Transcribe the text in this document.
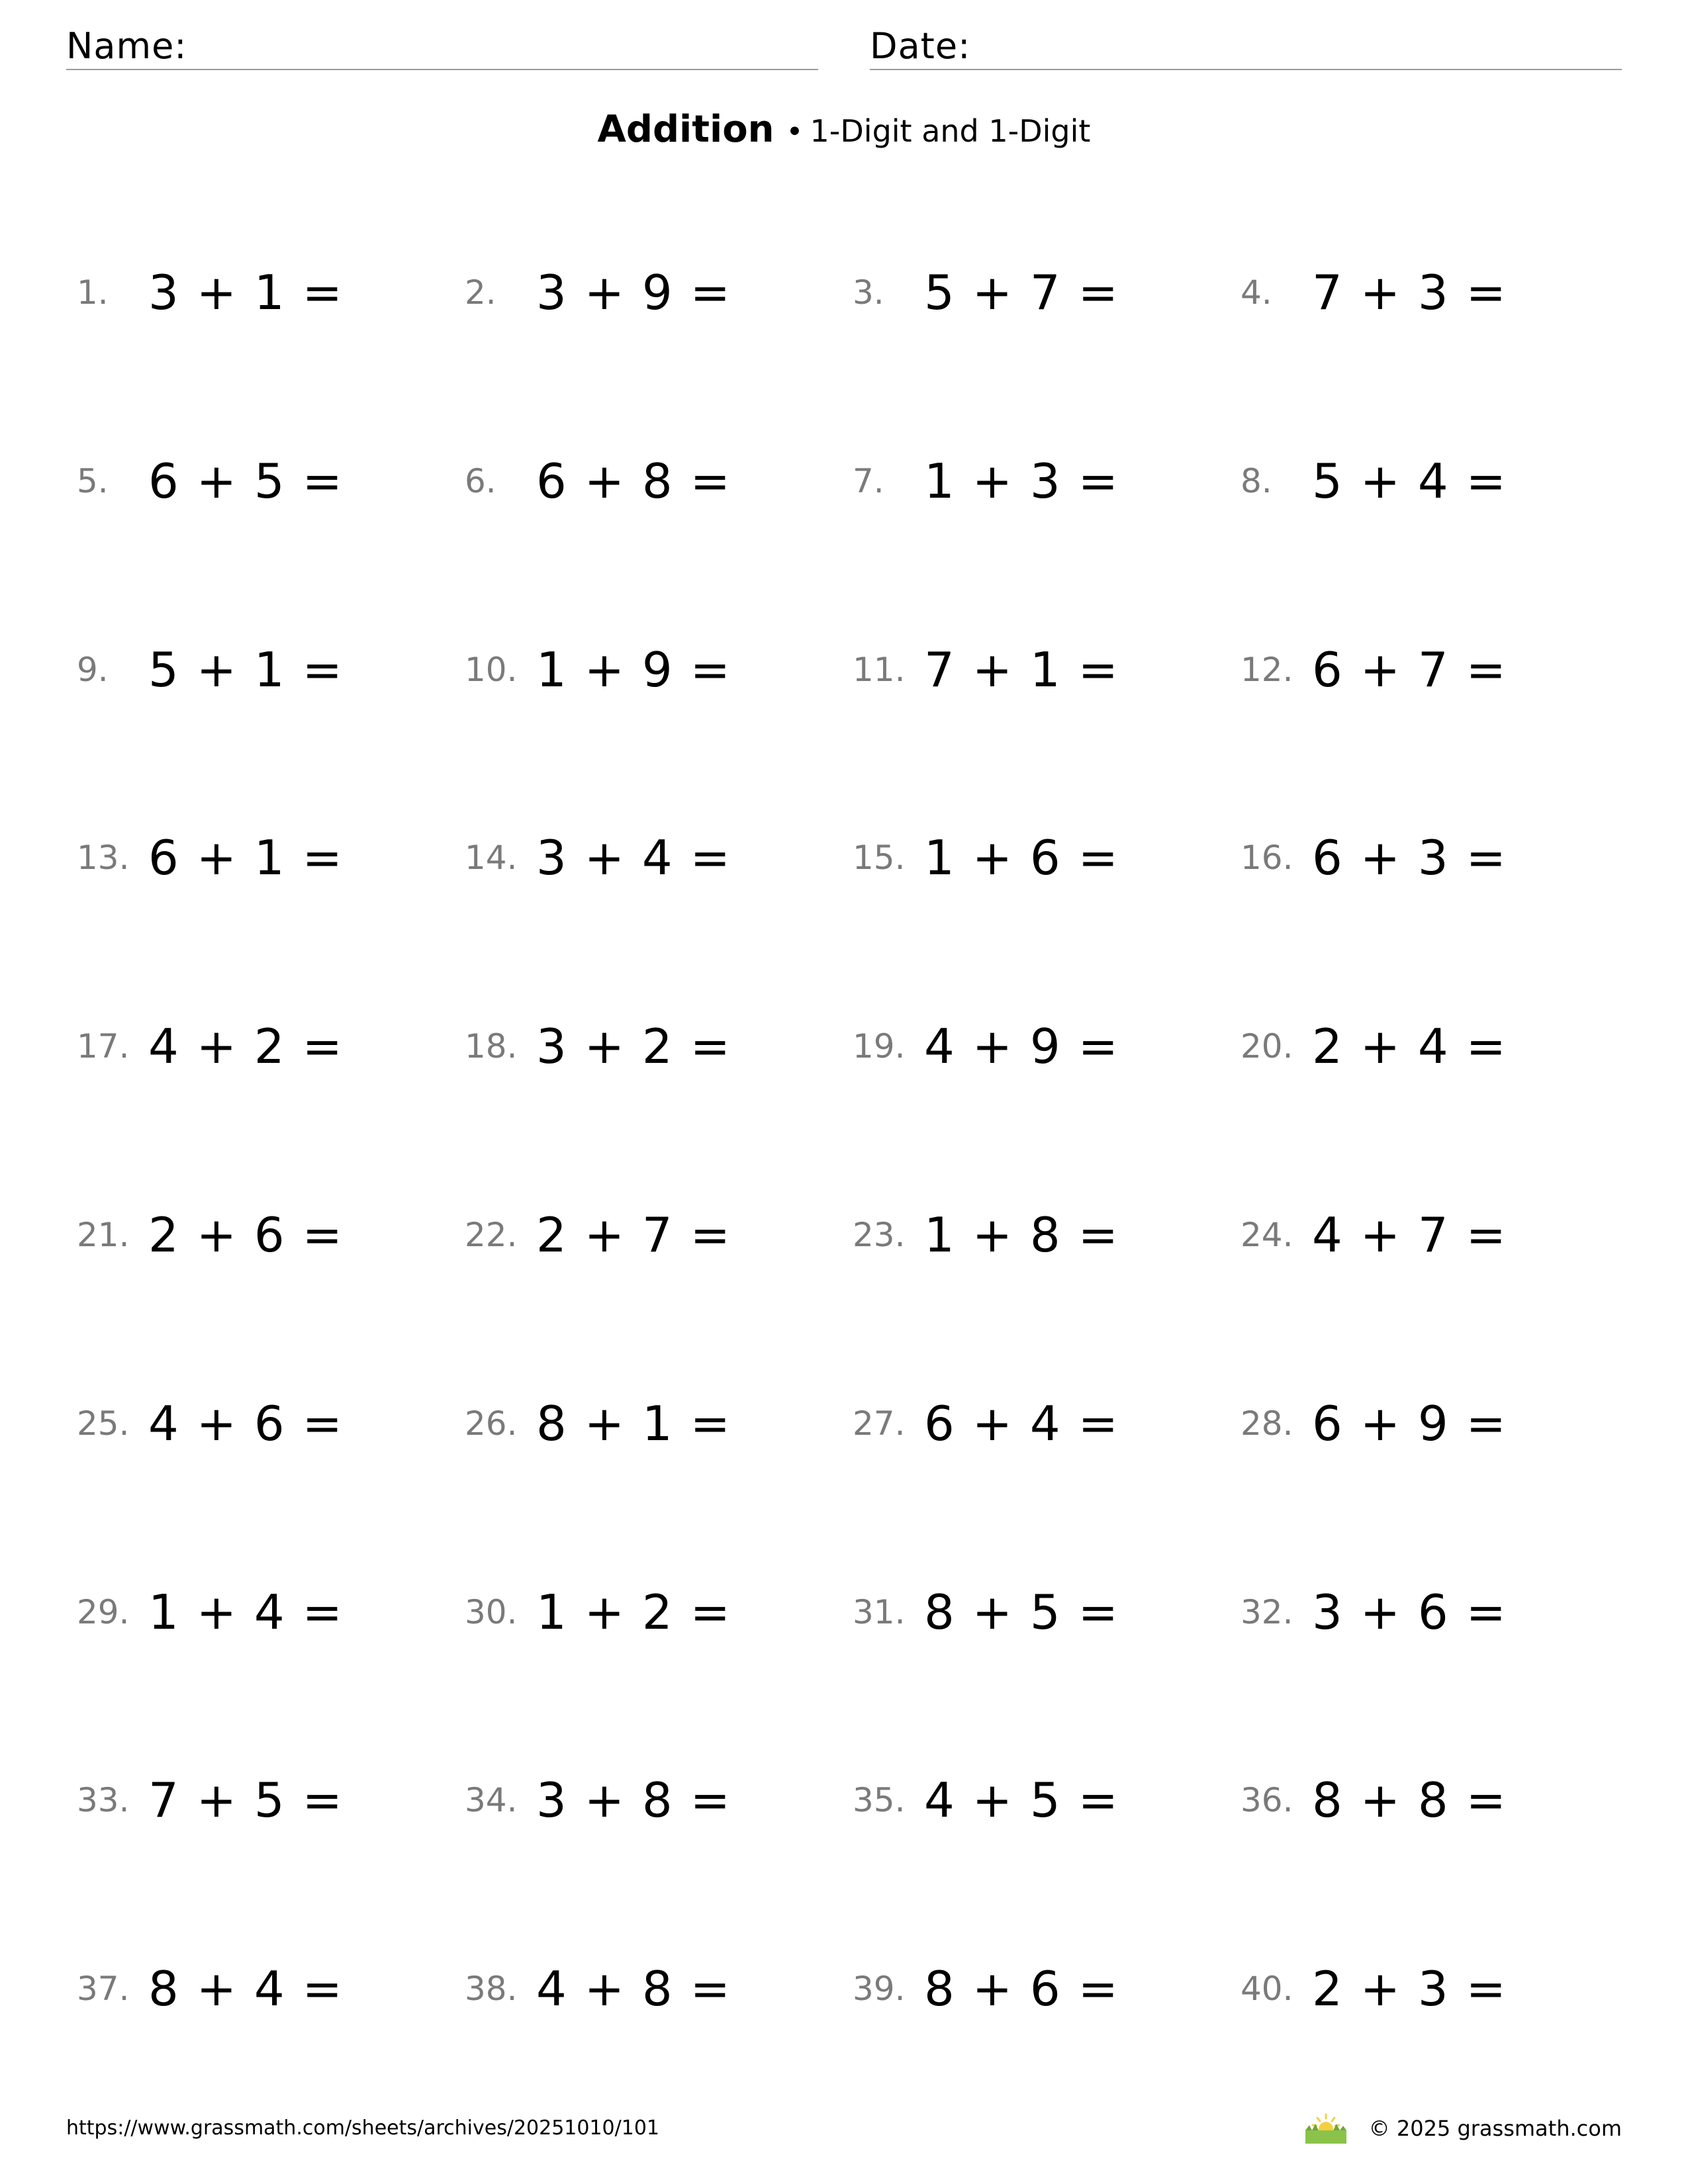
Name:	Date:
Addition • 1-Digit and 1-Digit
1. 3 + 1 =	2. 3 + 9 =	3. 5 + 7 =	4. 7 + 3 =
5. 6 + 5 =	6. 6 + 8 =	7. 1 + 3 =	8. 5 + 4 =
9. 5 + 1 =	10. 1 + 9 =	11. 7 + 1 =	12. 6 + 7 =
13. 6 + 1 =	14. 3 + 4 =	15. 1 + 6 =	16. 6 + 3 =
17. 4 + 2 =	18. 3 + 2 =	19. 4 + 9 =	20. 2 + 4 =
21. 2 + 6 =	22. 2 + 7 =	23. 1 + 8 =	24. 4 + 7 =
25. 4 + 6 =	26. 8 + 1 =	27. 6 + 4 =	28. 6 + 9 =
29. 1 + 4 =	30. 1 + 2 =	31. 8 + 5 =	32. 3 + 6 =
33. 7 + 5 =	34. 3 + 8 =	35. 4 + 5 =	36. 8 + 8 =
37. 8 + 4 =	38. 4 + 8 =	39. 8 + 6 =	40. 2 + 3 =
https://www.grassmath.com/sheets/archives/20251010/101	© 2025 grassmath.com
